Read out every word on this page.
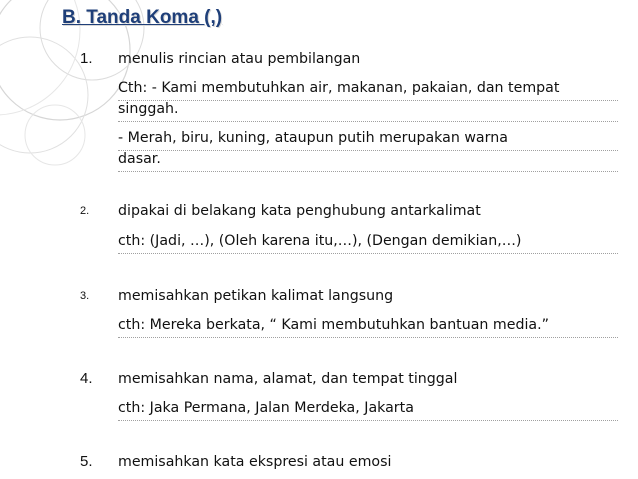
B. Tanda Koma (,)
1. menulis rincian atau pembilangan
Cth: - Kami membutuhkan air, makanan, pakaian, dan tempat
singgah.
- Merah, biru, kuning, ataupun putih merupakan warna
dasar.
2. dipakai di belakang kata penghubung antarkalimat
cth: (Jadi, …), (Oleh karena itu,…), (Dengan demikian,…)
3. memisahkan petikan kalimat langsung
cth: Mereka berkata, “ Kami membutuhkan bantuan media.”
4. memisahkan nama, alamat, dan tempat tinggal
cth: Jaka Permana, Jalan Merdeka, Jakarta
5. memisahkan kata ekspresi atau emosi
